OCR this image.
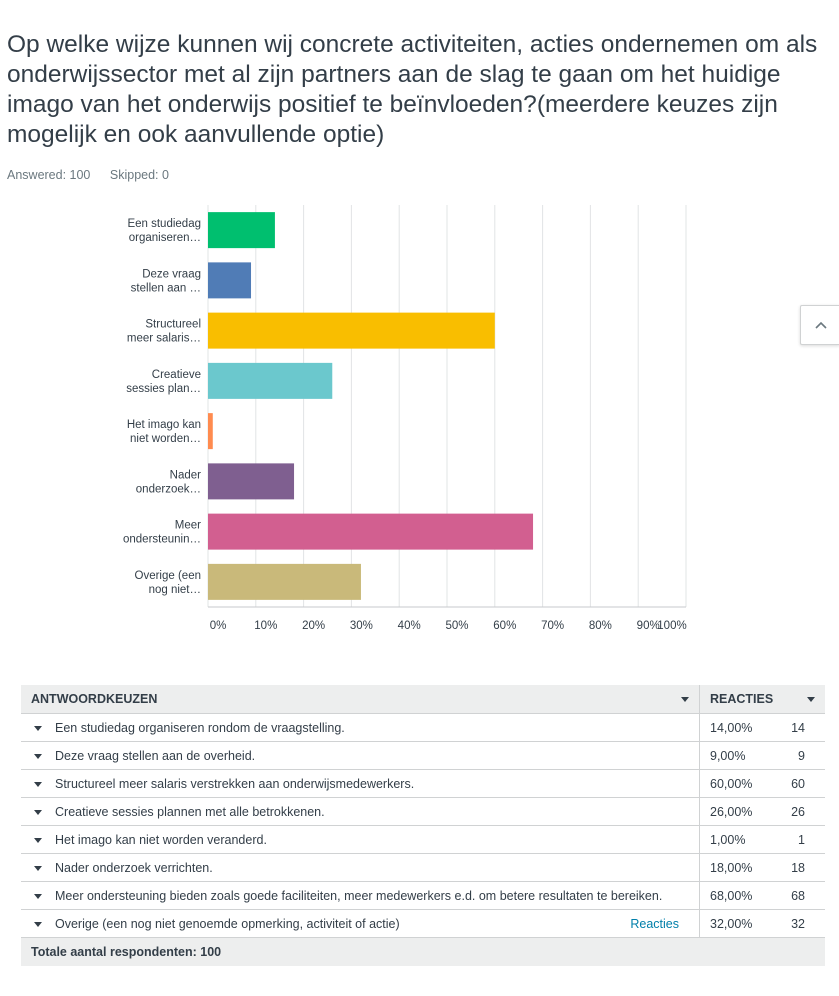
Op welke wijze kunnen wij concrete activiteiten, acties ondernemen om als
onderwijssector met al zijn partners aan de slag te gaan om het huidige
imago van het onderwijs positief te beïnvloeden?(meerdere keuzes zijn
mogelijk en ook aanvullende optie)
Answered: 100 Skipped: 0
0% 10% 20% 30% 40% 50% 60% 70% 80% 90%
100%
Een studiedag
organiseren…
Deze vraag
stellen aan …
Structureel
meer salaris…
Creatieve
sessies plan…
Het imago kan
niet worden…
Nader
onderzoek…
Meer
ondersteunin…
Overige (een
nog niet…
ANTWOORDKEUZEN		REACTIES	

	Een studiedag organiseren rondom de vraagstelling.	14,00%	14
	Deze vraag stellen aan de overheid.	9,00%	9
	Structureel meer salaris verstrekken aan onderwijsmedewerkers.	60,00%	60
	Creatieve sessies plannen met alle betrokkenen.	26,00%	26
	Het imago kan niet worden veranderd.	1,00%	1
	Nader onderzoek verrichten.	18,00%	18
	Meer ondersteuning bieden zoals goede faciliteiten, meer medewerkers e.d. om betere resultaten te bereiken.	68,00%	68
	Overige (een nog niet genoemde opmerking, activiteit of actie) Reacties	32,00%	32
Totale aantal respondenten: 100			
